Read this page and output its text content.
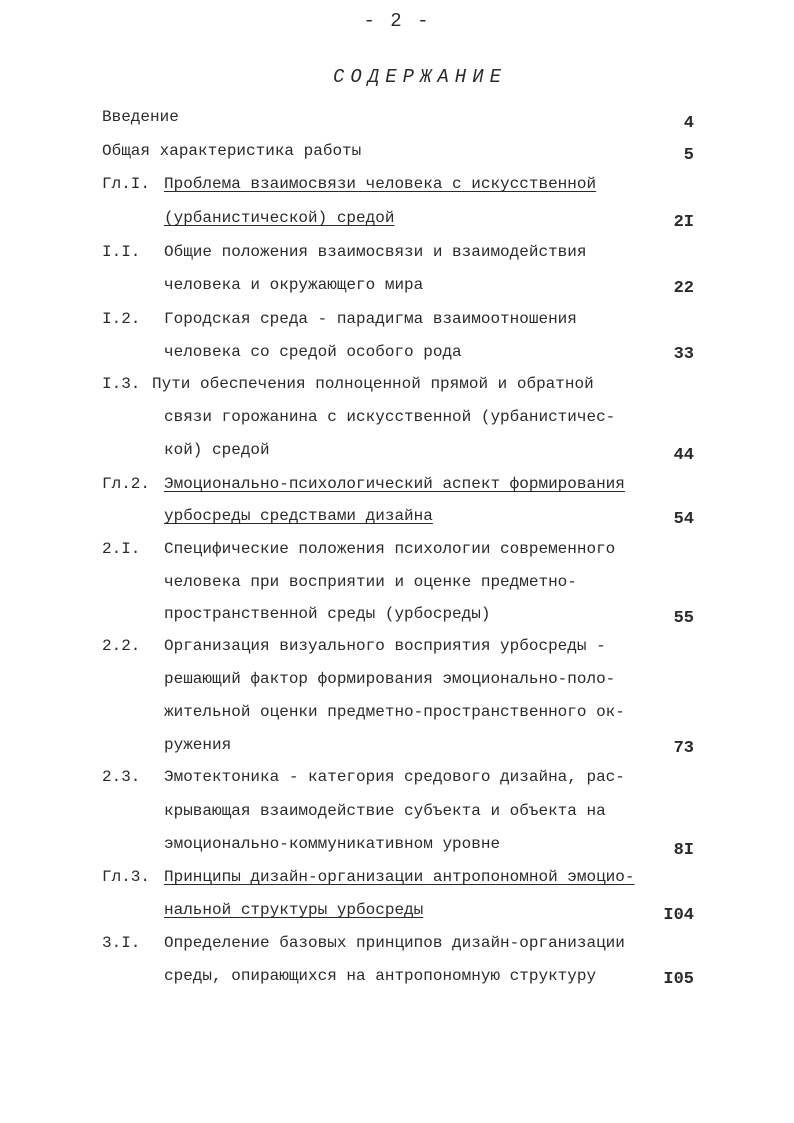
- 2 -
СОДЕРЖАНИЕ

Введение	4

Общая характеристика работы	5

Гл.I.

Проблема взаимосвязи человека с искусственной

(урбанистической) средой	2I

I.I.

Общие положения взаимосвязи и взаимодействия

человека и окружающего мира	22

I.2.

Городская среда - парадигма взаимоотношения

человека со средой особого рода	33

I.3.

Пути обеспечения полноценной прямой и обратной

связи горожанина с искусственной (урбанистичес-

кой) средой	44

Гл.2.

Эмоционально-психологический аспект формирования

урбосреды средствами дизайна	54

2.I.

Специфические положения психологии современного

человека при восприятии и оценке предметно-

пространственной среды (урбосреды)	55

2.2.

Организация визуального восприятия урбосреды -

решающий фактор формирования эмоционально-поло-

жительной оценки предметно-пространственного ок-

ружения	73

2.3.

Эмотектоника - категория средового дизайна, рас-

крывающая взаимодействие субъекта и объекта на

эмоционально-коммуникативном уровне	8I

Гл.3.

Принципы дизайн-организации антропономной эмоцио-

нальной структуры урбосреды	I04

3.I.

Определение базовых принципов дизайн-организации

среды, опирающихся на антропономную структуру	I05
